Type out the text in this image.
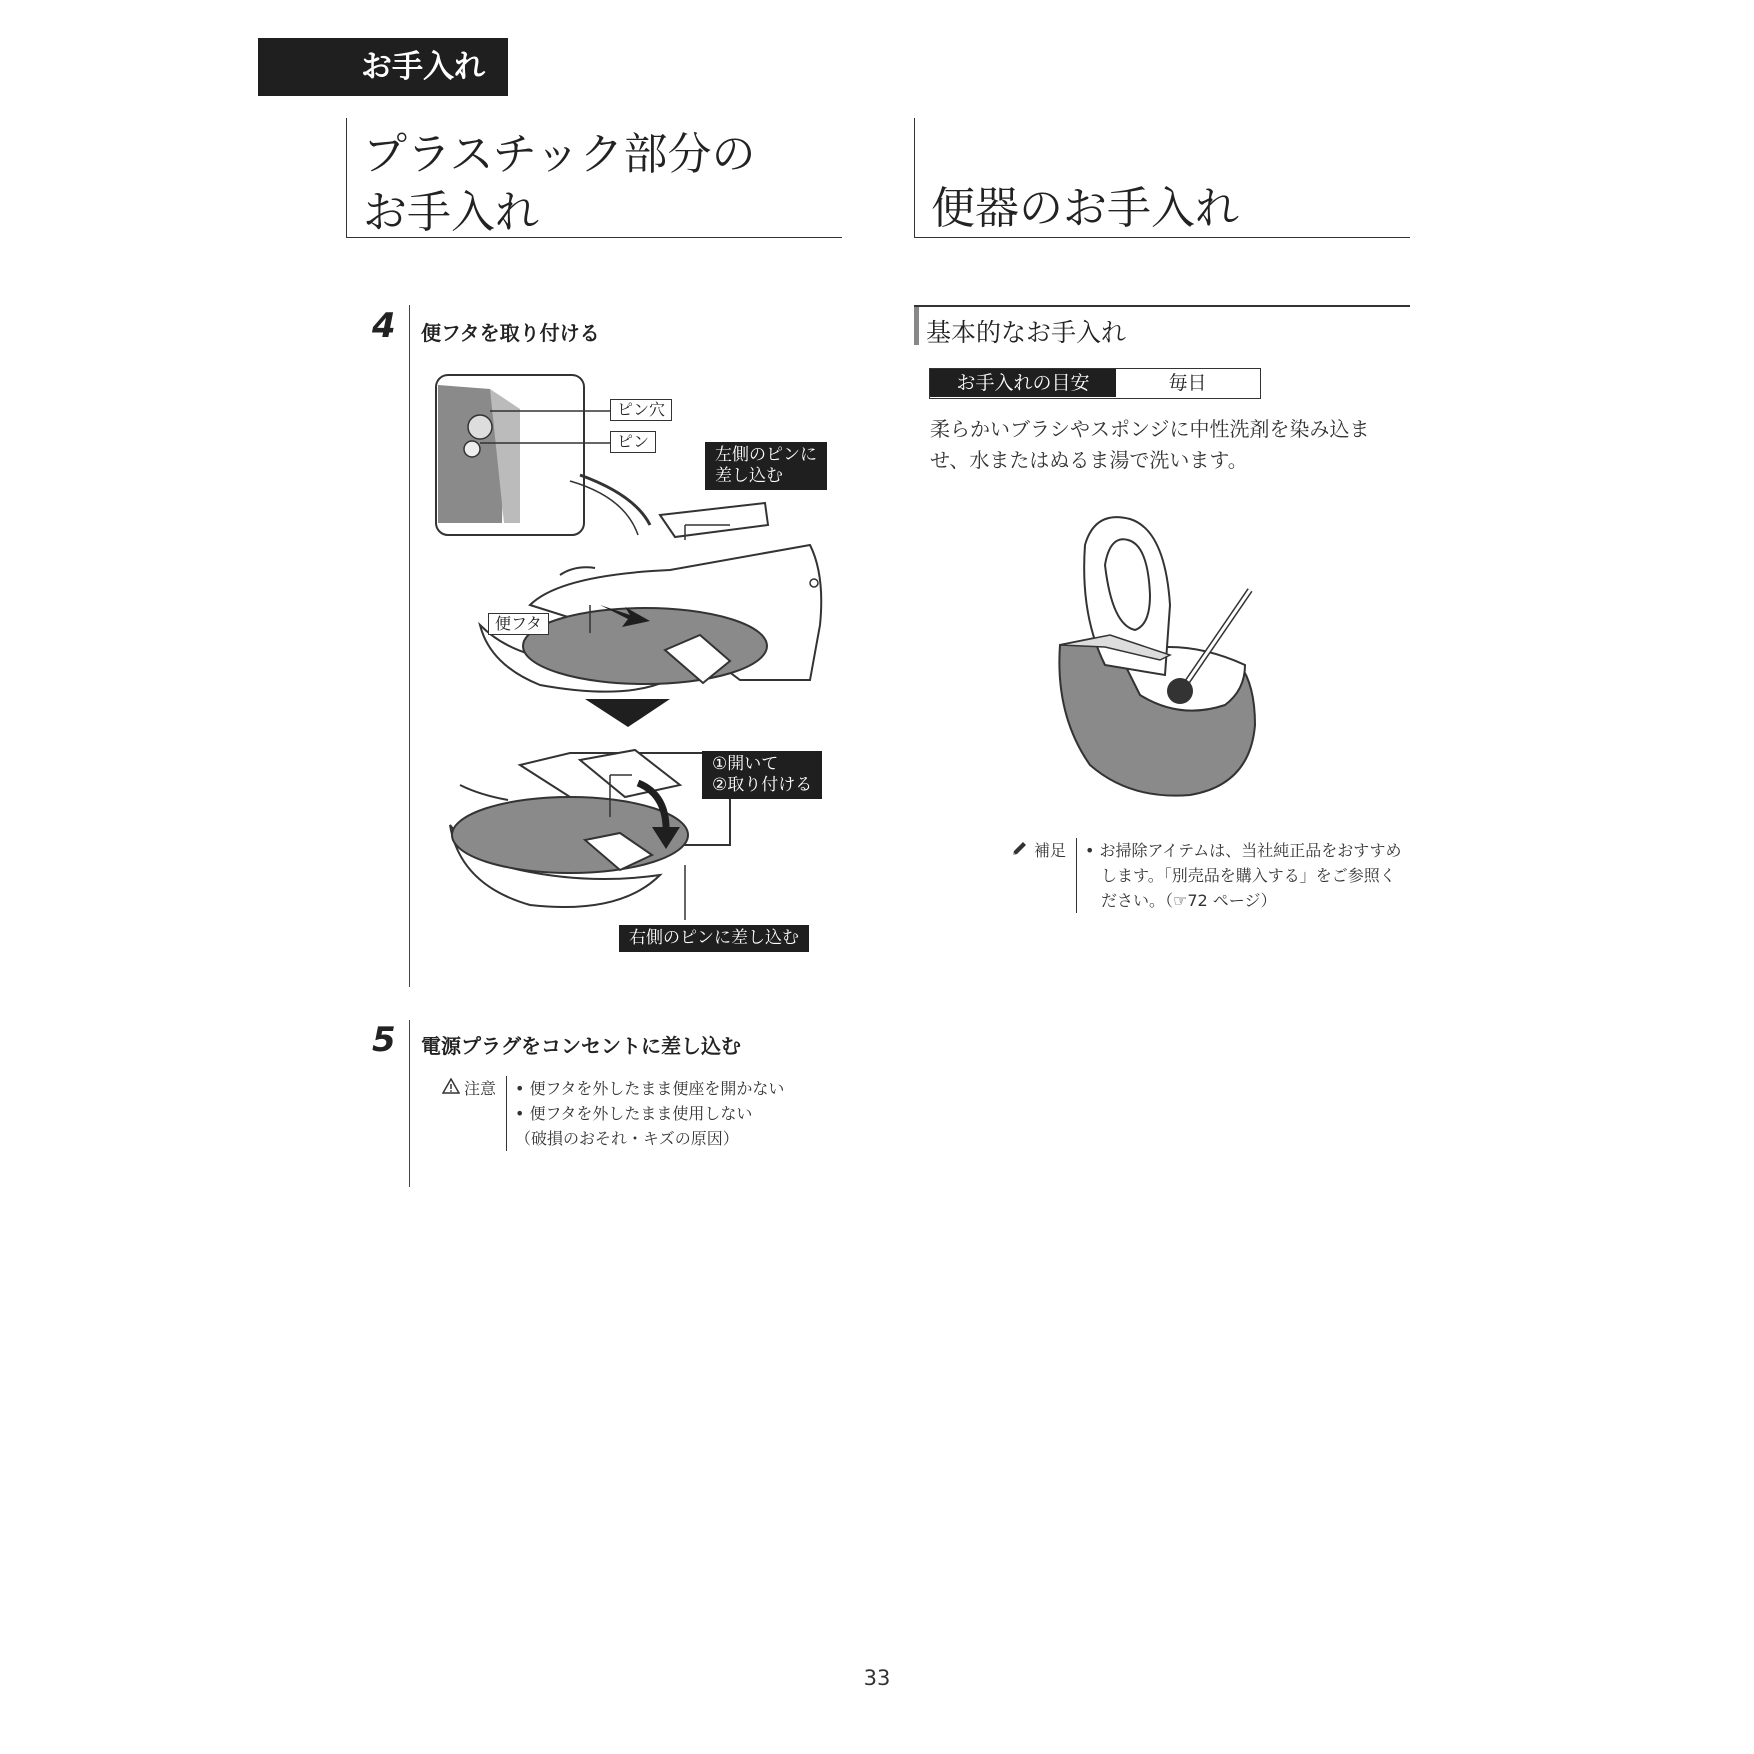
お手入れ
プラスチック部分の
お手入れ	便器のお手入れ
4 便フタを取り付ける
ピン穴
ピン
左側のピンに
差し込む
便フタ
①開いて
②取り付ける
右側のピンに差し込む
5 電源プラグをコンセントに差し込む
注意 • 便フタを外したまま便座を開かない
• 便フタを外したまま使用しない
（破損のおそれ・キズの原因）
基本的なお手入れ
お手入れの目安	毎日
柔らかいブラシやスポンジに中性洗剤を染み込ま
せ、水またはぬるま湯で洗います。
補足 • お掃除アイテムは、当社純正品をおすすめ
　します。「別売品を購入する」をご参照く
　ださい。（☞72 ページ）
33
